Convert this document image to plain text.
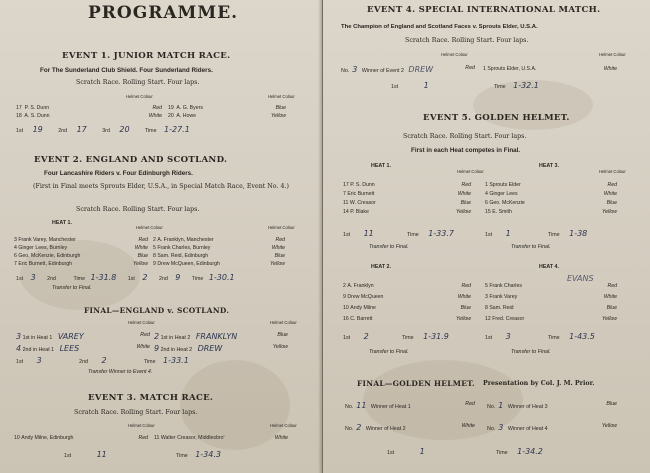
PROGRAMME.
EVENT 1. JUNIOR MATCH RACE.
For The Sunderland Club Shield. Four Sunderland Riders.
Scratch Race. Rolling Start. Four laps.
Helmet Colour	Helmet Colour
17 P. S. Dunn	Red
18 A. S. Dunn	White
19 A. G. Byers	Blue
20 A. Howe	Yellow
1st 19	2nd 17	3rd 20	Time 1-27.1
EVENT 2. ENGLAND AND SCOTLAND.
Four Lancashire Riders v. Four Edinburgh Riders.
(First in Final meets Sprouts Elder, U.S.A., in Special Match Race, Event No. 4.)
Scratch Race. Rolling Start. Four laps.
HEAT 1.
Helmet Colour	Helmet Colour
3 Frank Varey, Manchester	Red
4 Ginger Lees, Burnley	White
6 Geo. McKenzie, Edinburgh	Blue
7 Eric Burnett, Edinburgh	Yellow
2 A. Franklyn, Manchester	Red
5 Frank Charles, Burnley	White
8 Sam. Reid, Edinburgh	Blue
9 Drew McQueen, Edinburgh	Yellow
1st 3 2nd	Time 1-31.8 1st 2 2nd 9 Time 1-30.1
Transfer to Final.
FINAL—ENGLAND v. SCOTLAND.
Helmet Colour	Helmet Colour
3 1st in Heat 1 VAREY	Red
4 2nd in Heat 1 LEES	White
2 1st in Heat 2 FRANKLYN	Blue
9 2nd in Heat 2 DREW	Yellow
1st 3	2nd 2	Time 1-33.1
Transfer Winner to Event 4.
EVENT 3. MATCH RACE.
Scratch Race. Rolling Start. Four laps.
Helmet Colour	Helmet Colour
10 Andy Milne, Edinburgh	Red 11 Walter Creasor, Middlesbro'	White
1st	11	Time 1-34.3
EVENT 4. SPECIAL INTERNATIONAL MATCH.
The Champion of England and Scotland Faces v. Sprouts Elder, U.S.A.
Scratch Race. Rolling Start. Four laps.
Helmet Colour	Helmet Colour
No. 3 Winner of Event 2 DREW	Red 1 Sprouts Elder, U.S.A.	White
1st	1	Time 1-32.1
EVENT 5. GOLDEN HELMET.
Scratch Race. Rolling Start. Four laps.
First in each Heat competes in Final.
HEAT 1.	HEAT 3.
Helmet Colour	Helmet Colour
17 P. S. Dunn	Red
7 Eric Burnett	White
11 W. Creasor	Blue
14 P. Blake	Yellow
1 Sprouts Elder	Red
4 Ginger Lees	White
6 Geo. McKenzie	Blue
15 E. Smith	Yellow
1st 11	Time 1-33.7	1st 1	Time 1-38
Transfer to Final.	Transfer to Final.
HEAT 2.	HEAT 4.
2 A. Franklyn	Red
9 Drew McQueen	White
10 Andy Milne	Blue
16 C. Barrett	Yellow
EVANS
5 Frank Charles	Red
3 Frank Varey	White
8 Sam. Reid	Blue
12 Fred. Creasor	Yellow
1st 2	Time 1-31.9	1st 3	Time 1-43.5
Transfer to Final.	Transfer to Final.
FINAL—GOLDEN HELMET. Presentation by Col. J. M. Prior.
No. 11 Winner of Heat 1	Red
No. 2 Winner of Heat 2	White
No. 1 Winner of Heat 3	Blue
No. 3 Winner of Heat 4	Yellow
1st	1	Time 1-34.2
